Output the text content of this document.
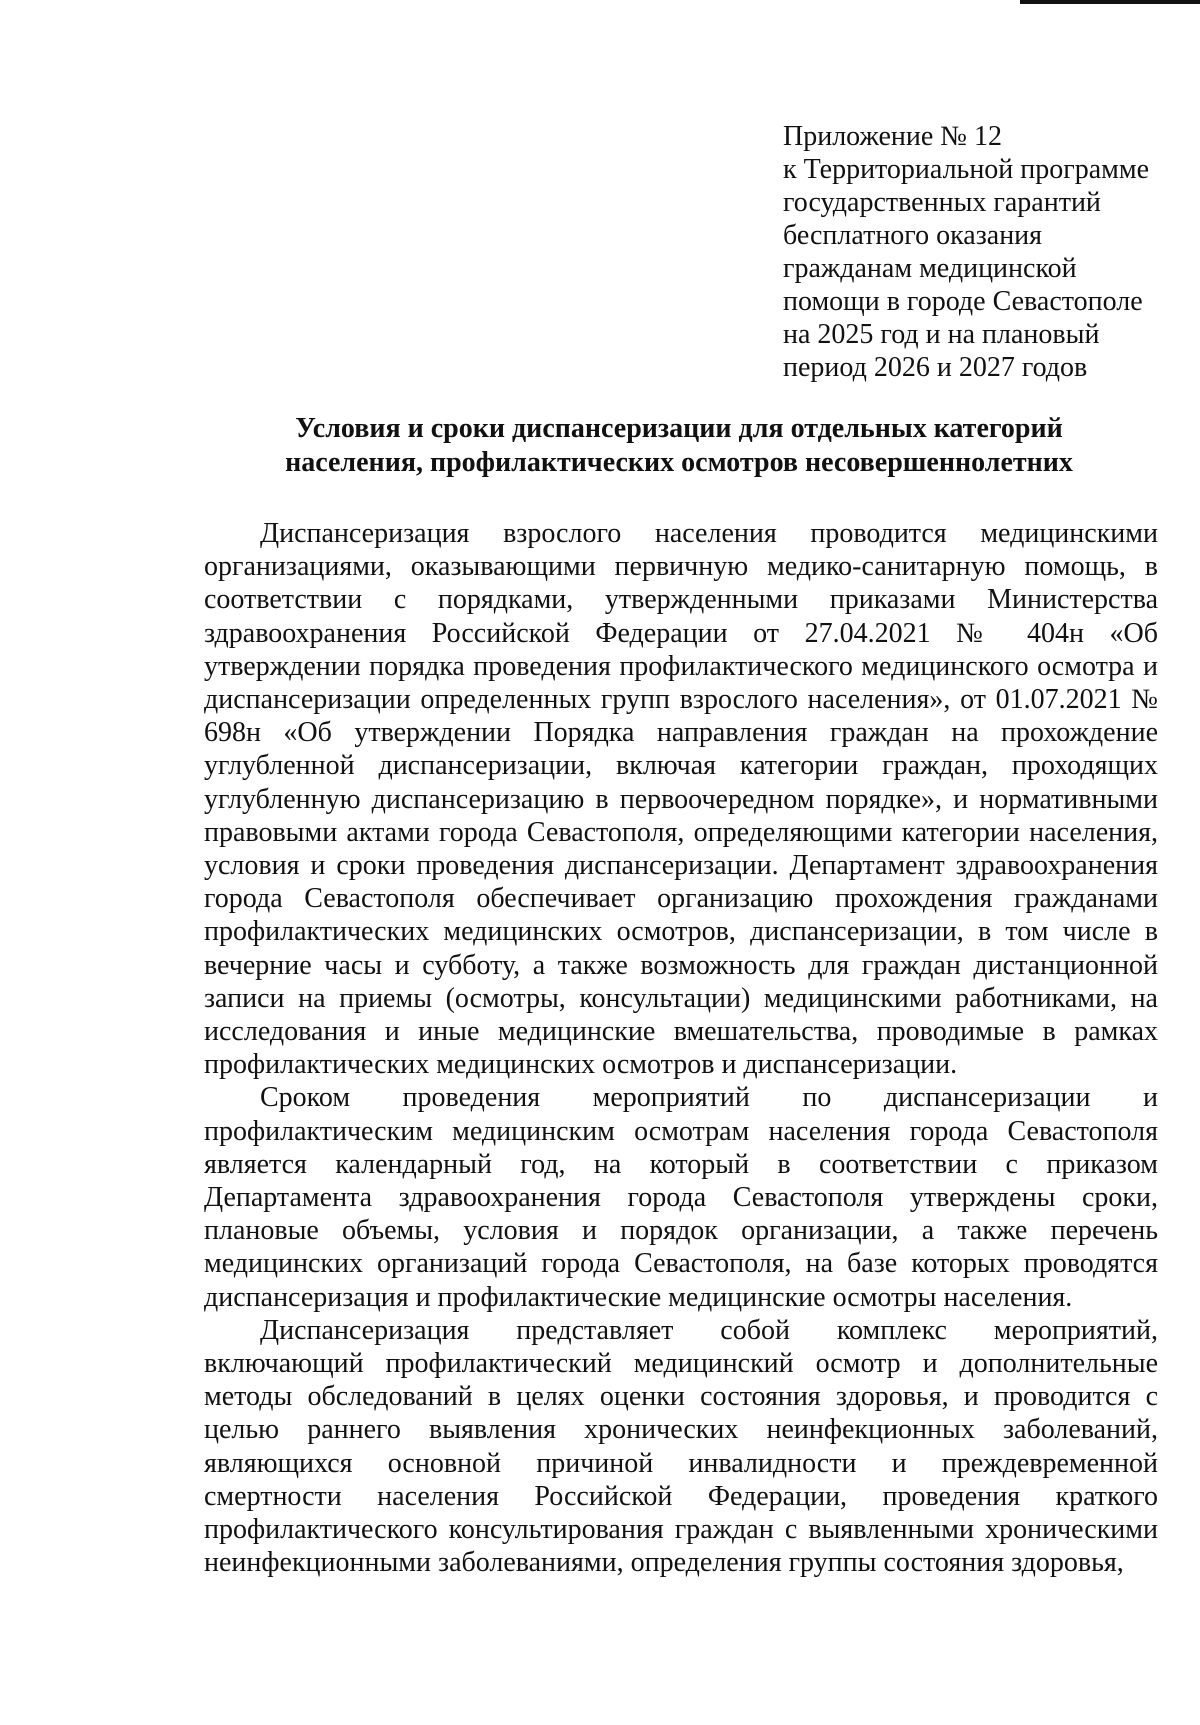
Приложение № 12
к Территориальной программе
государственных гарантий
бесплатного оказания
гражданам медицинской
помощи в городе Севастополе
на 2025 год и на плановый
период 2026 и 2027 годов
Условия и сроки диспансеризации для отдельных категорий
населения, профилактических осмотров несовершеннолетних

Диспансеризация взрослого населения проводится медицинскими организациями, оказывающими первичную медико-санитарную помощь, в соответствии с порядками, утвержденными приказами Министерства здравоохранения Российской Федерации от 27.04.2021 № 404н «Об утверждении порядка проведения профилактического медицинского осмотра и диспансеризации определенных групп взрослого населения», от 01.07.2021 № 698н «Об утверждении Порядка направления граждан на прохождение углубленной диспансеризации, включая категории граждан, проходящих углубленную диспансеризацию в первоочередном порядке», и нормативными правовыми актами города Севастополя, определяющими категории населения, условия и сроки проведения диспансеризации. Департамент здравоохранения города Севастополя обеспечивает организацию прохождения гражданами профилактических медицинских осмотров, диспансеризации, в том числе в вечерние часы и субботу, а также возможность для граждан дистанционной записи на приемы (осмотры, консультации) медицинскими работниками, на исследования и иные медицинские вмешательства, проводимые в рамках профилактических медицинских осмотров и диспансеризации.

Сроком проведения мероприятий по диспансеризации и профилактическим медицинским осмотрам населения города Севастополя является календарный год, на который в соответствии с приказом Департамента здравоохранения города Севастополя утверждены сроки, плановые объемы, условия и порядок организации, а также перечень медицинских организаций города Севастополя, на базе которых проводятся диспансеризация и профилактические медицинские осмотры населения.

Диспансеризация представляет собой комплекс мероприятий, включающий профилактический медицинский осмотр и дополнительные методы обследований в целях оценки состояния здоровья, и проводится с целью раннего выявления хронических неинфекционных заболеваний, являющихся основной причиной инвалидности и преждевременной смертности населения Российской Федерации, проведения краткого профилактического консультирования граждан с выявленными хроническими неинфекционными заболеваниями, определения группы состояния здоровья,
